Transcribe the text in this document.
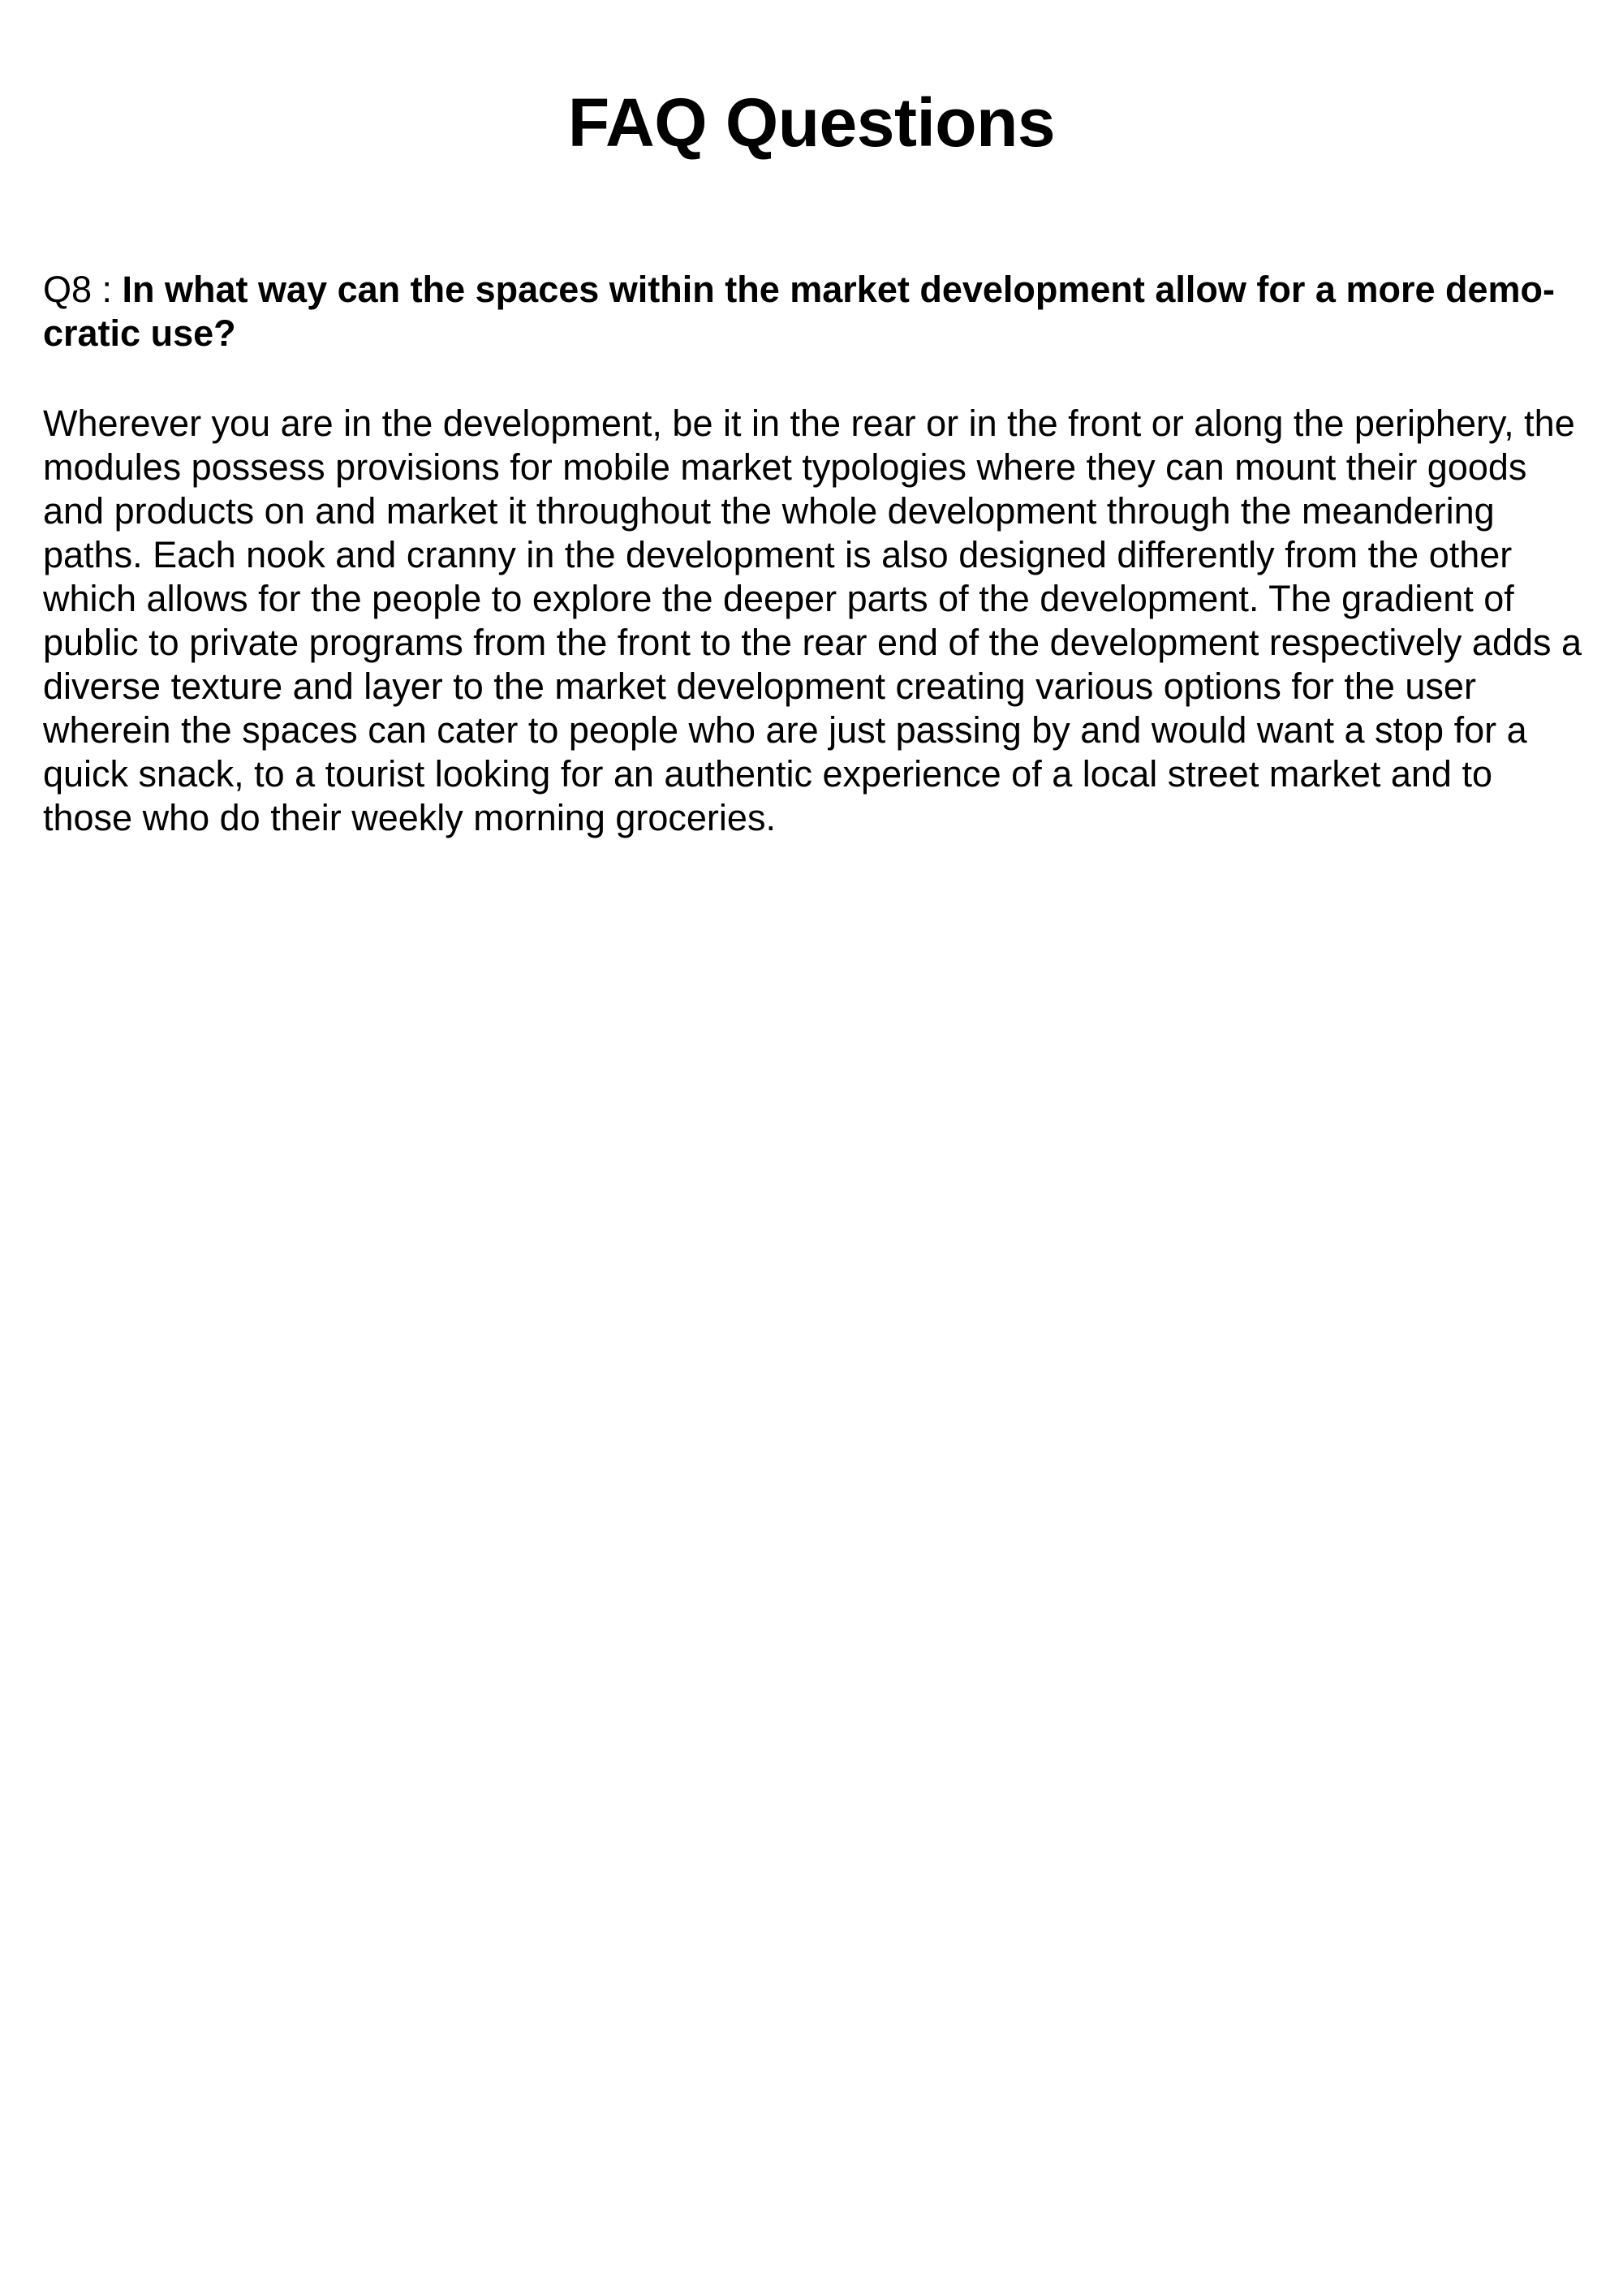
FAQ Questions

Q8 : In what way can the spaces within the market development allow for a more demo-
cratic use?

Wherever you are in the development, be it in the rear or in the front or along the periphery, the
modules possess provisions for mobile market typologies where they can mount their goods
and products on and market it throughout the whole development through the meandering
paths. Each nook and cranny in the development is also designed differently from the other
which allows for the people to explore the deeper parts of the development. The gradient of
public to private programs from the front to the rear end of the development respectively adds a
diverse texture and layer to the market development creating various options for the user
wherein the spaces can cater to people who are just passing by and would want a stop for a
quick snack, to a tourist looking for an authentic experience of a local street market and to
those who do their weekly morning groceries.
